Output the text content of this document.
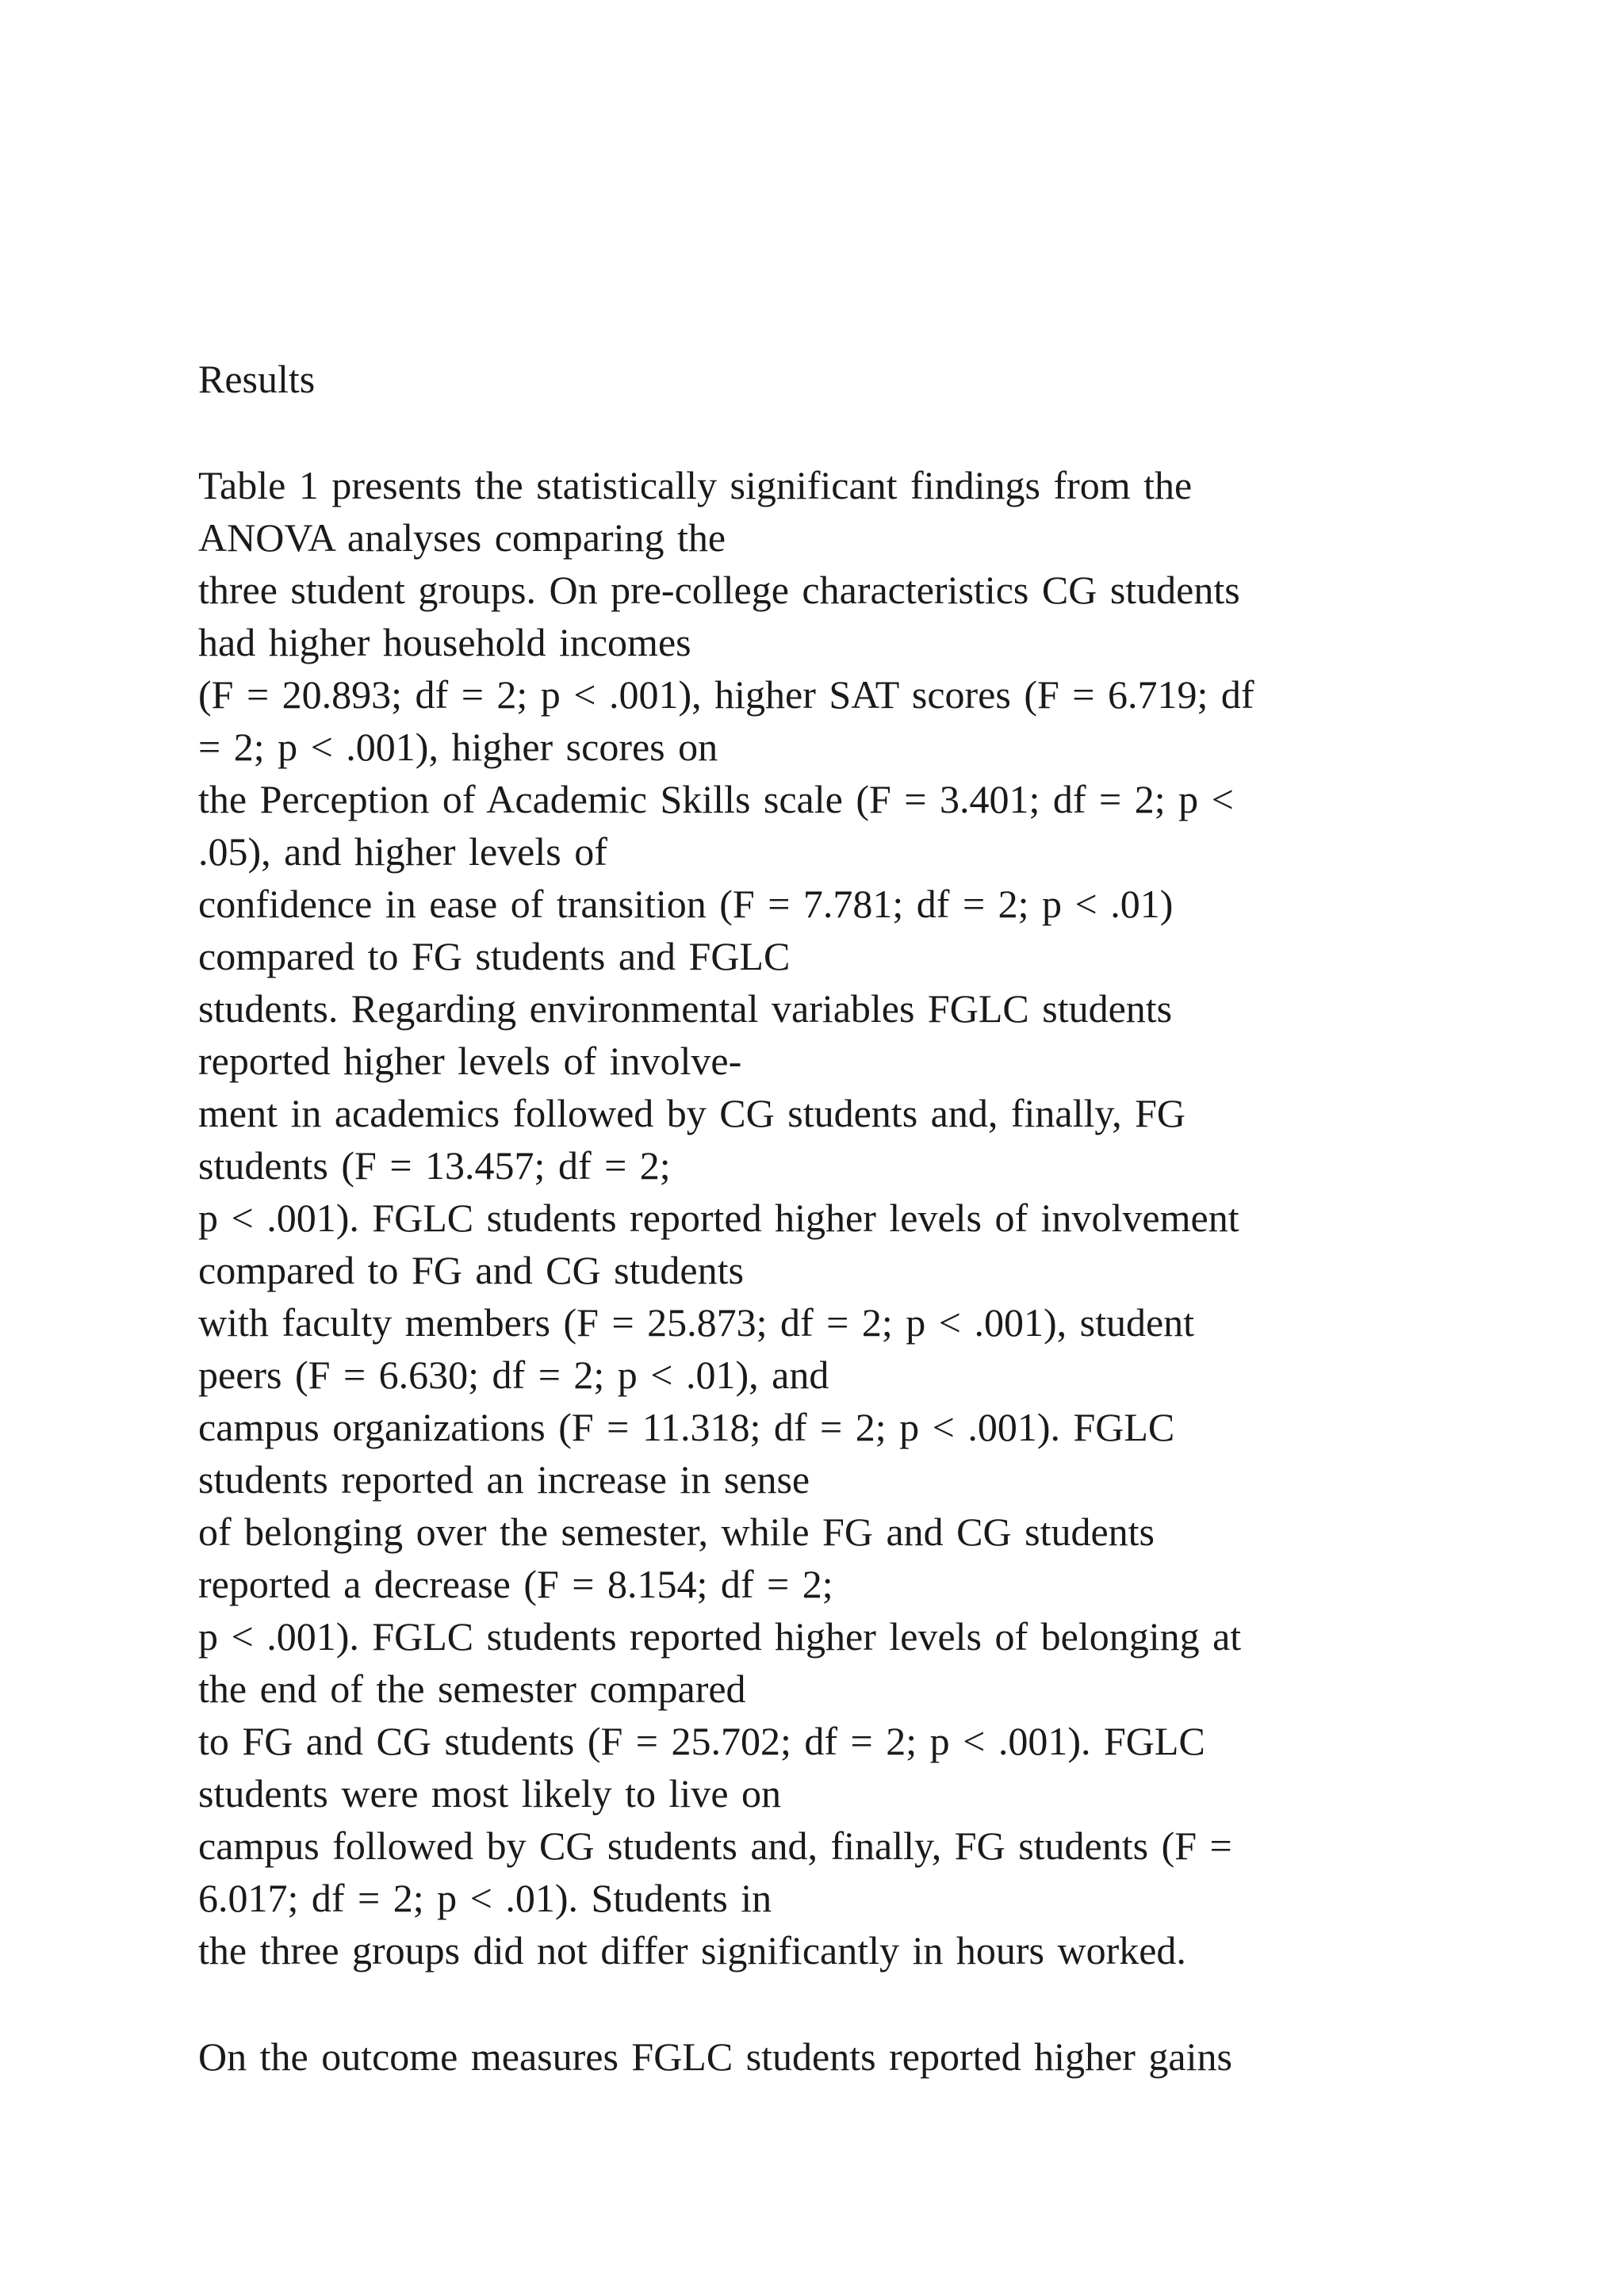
Results
Table 1 presents the statistically significant findings from the
ANOVA analyses comparing the
three student groups. On pre-college characteristics CG students
had higher household incomes
(F = 20.893; df = 2; p < .001), higher SAT scores (F = 6.719; df
= 2; p < .001), higher scores on
the Perception of Academic Skills scale (F = 3.401; df = 2; p <
.05), and higher levels of
confidence in ease of transition (F = 7.781; df = 2; p < .01)
compared to FG students and FGLC
students. Regarding environmental variables FGLC students
reported higher levels of involve-
ment in academics followed by CG students and, finally, FG
students (F = 13.457; df = 2;
p < .001). FGLC students reported higher levels of involvement
compared to FG and CG students
with faculty members (F = 25.873; df = 2; p < .001), student
peers (F = 6.630; df = 2; p < .01), and
campus organizations (F = 11.318; df = 2; p < .001). FGLC
students reported an increase in sense
of belonging over the semester, while FG and CG students
reported a decrease (F = 8.154; df = 2;
p < .001). FGLC students reported higher levels of belonging at
the end of the semester compared
to FG and CG students (F = 25.702; df = 2; p < .001). FGLC
students were most likely to live on
campus followed by CG students and, finally, FG students (F =
6.017; df = 2; p < .01). Students in
the three groups did not differ significantly in hours worked.
On the outcome measures FGLC students reported higher gains
